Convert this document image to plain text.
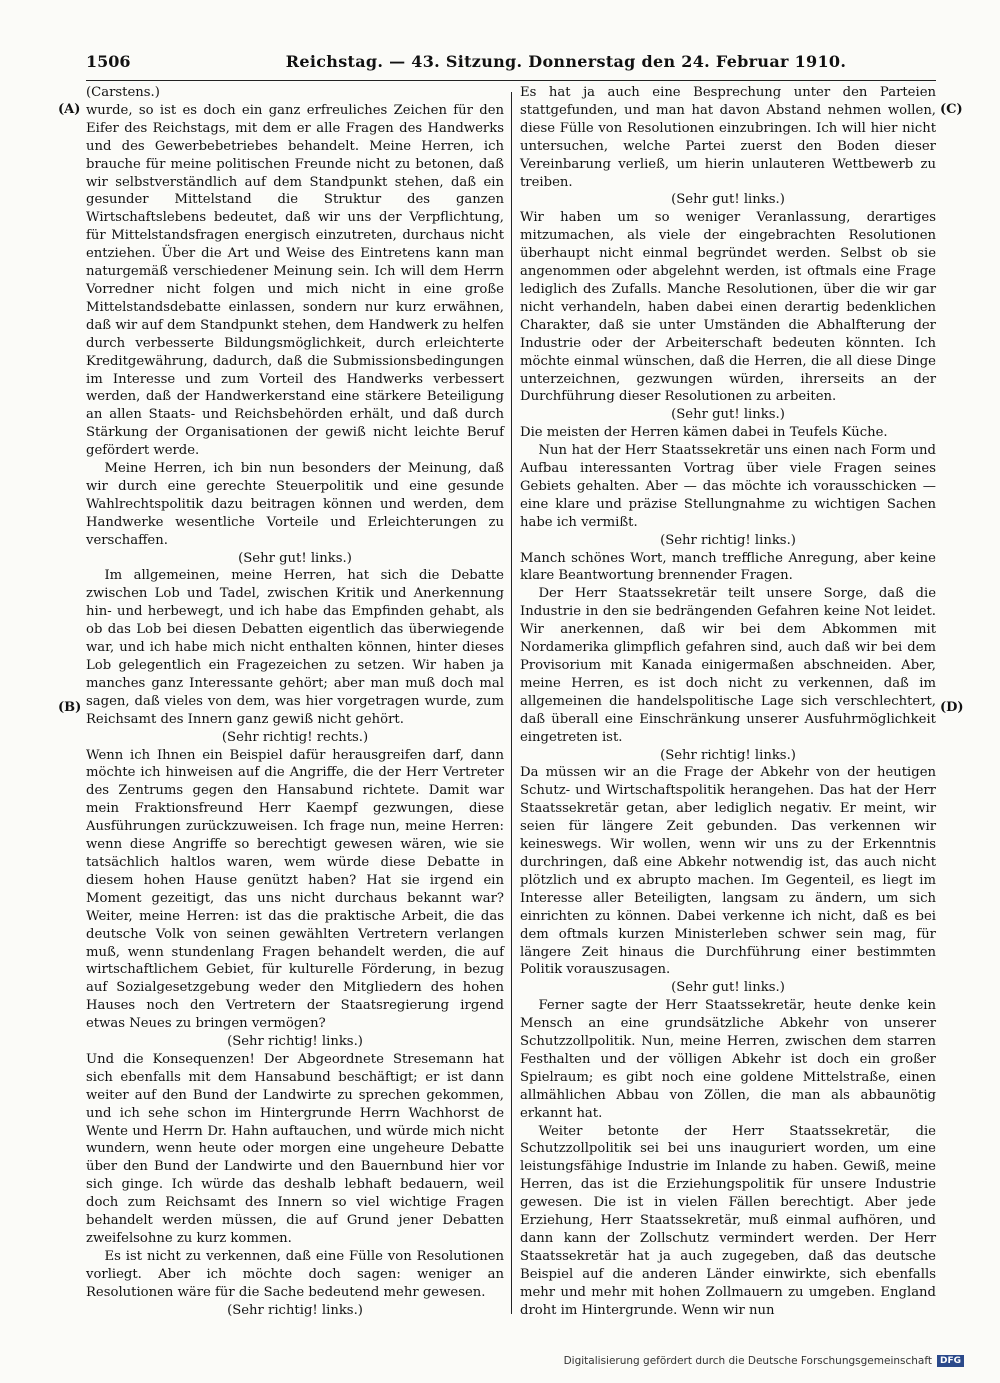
1506	Reichstag. — 43. Sitzung. Donnerstag den 24. Februar 1910.
(A)
(B)
(C)
(D)

(Carstens.)

wurde, so ist es doch ein ganz erfreuliches Zeichen für den Eifer des Reichstags, mit dem er alle Fragen des Handwerks und des Gewerbebetriebes behandelt. Meine Herren, ich brauche für meine politischen Freunde nicht zu betonen, daß wir selbstverständlich auf dem Standpunkt stehen, daß ein gesunder Mittelstand die Struktur des ganzen Wirtschaftslebens bedeutet, daß wir uns der Verpflichtung, für Mittelstandsfragen energisch einzutreten, durchaus nicht entziehen. Über die Art und Weise des Eintretens kann man naturgemäß verschiedener Meinung sein. Ich will dem Herrn Vorredner nicht folgen und mich nicht in eine große Mittelstandsdebatte einlassen, sondern nur kurz erwähnen, daß wir auf dem Standpunkt stehen, dem Handwerk zu helfen durch verbesserte Bildungsmöglichkeit, durch erleichterte Kreditgewährung, dadurch, daß die Submissionsbedingungen im Interesse und zum Vorteil des Handwerks verbessert werden, daß der Handwerkerstand eine stärkere Beteiligung an allen Staats- und Reichsbehörden erhält, und daß durch Stärkung der Organisationen der gewiß nicht leichte Beruf gefördert werde.

Meine Herren, ich bin nun besonders der Meinung, daß wir durch eine gerechte Steuerpolitik und eine gesunde Wahlrechtspolitik dazu beitragen können und werden, dem Handwerke wesentliche Vorteile und Erleichterungen zu verschaffen.

(Sehr gut! links.)

Im allgemeinen, meine Herren, hat sich die Debatte zwischen Lob und Tadel, zwischen Kritik und Anerkennung hin- und herbewegt, und ich habe das Empfinden gehabt, als ob das Lob bei diesen Debatten eigentlich das überwiegende war, und ich habe mich nicht enthalten können, hinter dieses Lob gelegentlich ein Fragezeichen zu setzen. Wir haben ja manches ganz Interessante gehört; aber man muß doch mal sagen, daß vieles von dem, was hier vorgetragen wurde, zum Reichsamt des Innern ganz gewiß nicht gehört.

(Sehr richtig! rechts.)

Wenn ich Ihnen ein Beispiel dafür herausgreifen darf, dann möchte ich hinweisen auf die Angriffe, die der Herr Vertreter des Zentrums gegen den Hansabund richtete. Damit war mein Fraktionsfreund Herr Kaempf gezwungen, diese Ausführungen zurückzuweisen. Ich frage nun, meine Herren: wenn diese Angriffe so berechtigt gewesen wären, wie sie tatsächlich haltlos waren, wem würde diese Debatte in diesem hohen Hause genützt haben? Hat sie irgend ein Moment gezeitigt, das uns nicht durchaus bekannt war? Weiter, meine Herren: ist das die praktische Arbeit, die das deutsche Volk von seinen gewählten Vertretern verlangen muß, wenn stundenlang Fragen behandelt werden, die auf wirtschaftlichem Gebiet, für kulturelle Förderung, in bezug auf Sozialgesetzgebung weder den Mitgliedern des hohen Hauses noch den Vertretern der Staatsregierung irgend etwas Neues zu bringen vermögen?

(Sehr richtig! links.)

Und die Konsequenzen! Der Abgeordnete Stresemann hat sich ebenfalls mit dem Hansabund beschäftigt; er ist dann weiter auf den Bund der Landwirte zu sprechen gekommen, und ich sehe schon im Hintergrunde Herrn Wachhorst de Wente und Herrn Dr. Hahn auftauchen, und würde mich nicht wundern, wenn heute oder morgen eine ungeheure Debatte über den Bund der Landwirte und den Bauernbund hier vor sich ginge. Ich würde das deshalb lebhaft bedauern, weil doch zum Reichsamt des Innern so viel wichtige Fragen behandelt werden müssen, die auf Grund jener Debatten zweifelsohne zu kurz kommen.

Es ist nicht zu verkennen, daß eine Fülle von Resolutionen vorliegt. Aber ich möchte doch sagen: weniger an Resolutionen wäre für die Sache bedeutend mehr gewesen.

(Sehr richtig! links.)

Es hat ja auch eine Besprechung unter den Parteien stattgefunden, und man hat davon Abstand nehmen wollen, diese Fülle von Resolutionen einzubringen. Ich will hier nicht untersuchen, welche Partei zuerst den Boden dieser Vereinbarung verließ, um hierin unlauteren Wettbewerb zu treiben.

(Sehr gut! links.)

Wir haben um so weniger Veranlassung, derartiges mitzumachen, als viele der eingebrachten Resolutionen überhaupt nicht einmal begründet werden. Selbst ob sie angenommen oder abgelehnt werden, ist oftmals eine Frage lediglich des Zufalls. Manche Resolutionen, über die wir gar nicht verhandeln, haben dabei einen derartig bedenklichen Charakter, daß sie unter Umständen die Abhalfterung der Industrie oder der Arbeiterschaft bedeuten könnten. Ich möchte einmal wünschen, daß die Herren, die all diese Dinge unterzeichnen, gezwungen würden, ihrerseits an der Durchführung dieser Resolutionen zu arbeiten.

(Sehr gut! links.)

Die meisten der Herren kämen dabei in Teufels Küche.

Nun hat der Herr Staatssekretär uns einen nach Form und Aufbau interessanten Vortrag über viele Fragen seines Gebiets gehalten. Aber — das möchte ich vorausschicken — eine klare und präzise Stellungnahme zu wichtigen Sachen habe ich vermißt.

(Sehr richtig! links.)

Manch schönes Wort, manch treffliche Anregung, aber keine klare Beantwortung brennender Fragen.

Der Herr Staatssekretär teilt unsere Sorge, daß die Industrie in den sie bedrängenden Gefahren keine Not leidet. Wir anerkennen, daß wir bei dem Abkommen mit Nordamerika glimpflich gefahren sind, auch daß wir bei dem Provisorium mit Kanada einigermaßen abschneiden. Aber, meine Herren, es ist doch nicht zu verkennen, daß im allgemeinen die handelspolitische Lage sich verschlechtert, daß überall eine Einschränkung unserer Ausfuhrmöglichkeit eingetreten ist.

(Sehr richtig! links.)

Da müssen wir an die Frage der Abkehr von der heutigen Schutz- und Wirtschaftspolitik herangehen. Das hat der Herr Staatssekretär getan, aber lediglich negativ. Er meint, wir seien für längere Zeit gebunden. Das verkennen wir keineswegs. Wir wollen, wenn wir uns zu der Erkenntnis durchringen, daß eine Abkehr notwendig ist, das auch nicht plötzlich und ex abrupto machen. Im Gegenteil, es liegt im Interesse aller Beteiligten, langsam zu ändern, um sich einrichten zu können. Dabei verkenne ich nicht, daß es bei dem oftmals kurzen Ministerleben schwer sein mag, für längere Zeit hinaus die Durchführung einer bestimmten Politik vorauszusagen.

(Sehr gut! links.)

Ferner sagte der Herr Staatssekretär, heute denke kein Mensch an eine grundsätzliche Abkehr von unserer Schutzzollpolitik. Nun, meine Herren, zwischen dem starren Festhalten und der völligen Abkehr ist doch ein großer Spielraum; es gibt noch eine goldene Mittelstraße, einen allmählichen Abbau von Zöllen, die man als abbaunötig erkannt hat.

Weiter betonte der Herr Staatssekretär, die Schutzzollpolitik sei bei uns inauguriert worden, um eine leistungsfähige Industrie im Inlande zu haben. Gewiß, meine Herren, das ist die Erziehungspolitik für unsere Industrie gewesen. Die ist in vielen Fällen berechtigt. Aber jede Erziehung, Herr Staatssekretär, muß einmal aufhören, und dann kann der Zollschutz vermindert werden. Der Herr Staatssekretär hat ja auch zugegeben, daß das deutsche Beispiel auf die anderen Länder einwirkte, sich ebenfalls mehr und mehr mit hohen Zollmauern zu umgeben. England droht im Hintergrunde. Wenn wir nun

Digitalisierung gefördert durch die Deutsche Forschungsgemeinschaft DFG
